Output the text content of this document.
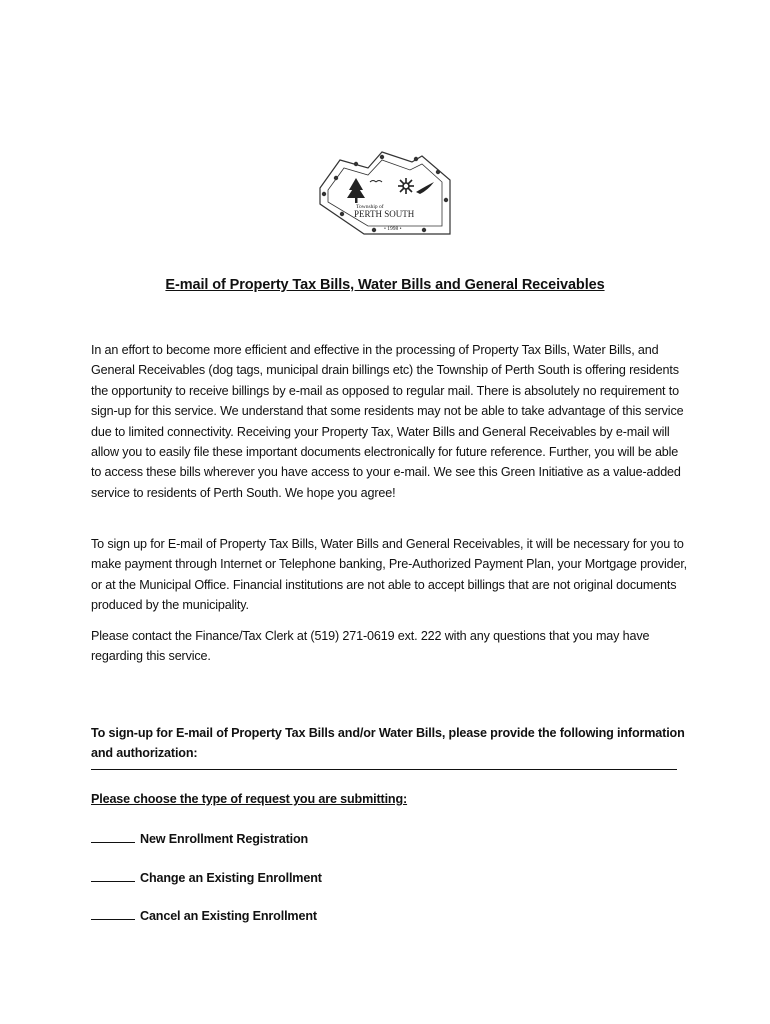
Township of
PERTH SOUTH
• 1998 •
E-mail of Property Tax Bills, Water Bills and General Receivables
In an effort to become more efficient and effective in the processing of Property Tax Bills, Water Bills, and General Receivables (dog tags, municipal drain billings etc) the Township of Perth South is offering residents the opportunity to receive billings by e-mail as opposed to regular mail. There is absolutely no requirement to sign-up for this service. We understand that some residents may not be able to take advantage of this service due to limited connectivity. Receiving your Property Tax, Water Bills and General Receivables by e-mail will allow you to easily file these important documents electronically for future reference. Further, you will be able to access these bills wherever you have access to your e-mail. We see this Green Initiative as a value-added service to residents of Perth South. We hope you agree!
To sign up for E-mail of Property Tax Bills, Water Bills and General Receivables, it will be necessary for you to make payment through Internet or Telephone banking, Pre-Authorized Payment Plan, your Mortgage provider, or at the Municipal Office. Financial institutions are not able to accept billings that are not original documents produced by the municipality.
Please contact the Finance/Tax Clerk at (519) 271-0619 ext. 222 with any questions that you may have regarding this service.
To sign-up for E-mail of Property Tax Bills and/or Water Bills, please provide the following information and authorization:
Please choose the type of request you are submitting:
New Enrollment Registration
Change an Existing Enrollment
Cancel an Existing Enrollment
